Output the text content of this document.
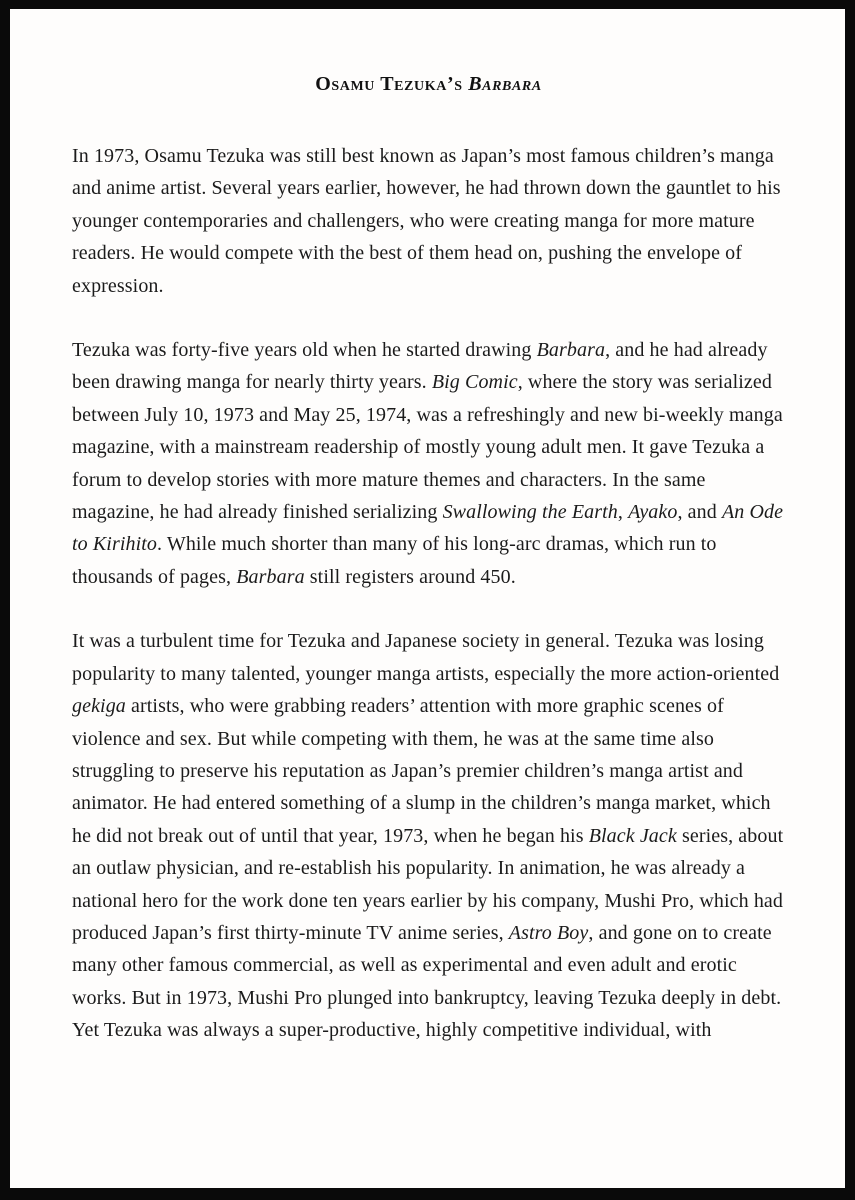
Osamu Tezuka’s Barbara

In 1973, Osamu Tezuka was still best known as Japan’s most famous children’s manga and anime artist. Several years earlier, however, he had thrown down the gauntlet to his younger contemporaries and challengers, who were creating manga for more mature readers. He would compete with the best of them head on, pushing the envelope of expression.

Tezuka was forty-five years old when he started drawing Barbara, and he had already been drawing manga for nearly thirty years. Big Comic, where the story was serialized between July 10, 1973 and May 25, 1974, was a refreshingly and new bi-weekly manga magazine, with a mainstream readership of mostly young adult men. It gave Tezuka a forum to develop stories with more mature themes and characters. In the same magazine, he had already finished serializing Swallowing the Earth, Ayako, and An Ode to Kirihito. While much shorter than many of his long-arc dramas, which run to thousands of pages, Barbara still registers around 450.

It was a turbulent time for Tezuka and Japanese society in general. Tezuka was losing popularity to many talented, younger manga artists, especially the more action-oriented gekiga artists, who were grabbing readers’ attention with more graphic scenes of violence and sex. But while competing with them, he was at the same time also struggling to preserve his reputation as Japan’s premier children’s manga artist and animator. He had entered something of a slump in the children’s manga market, which he did not break out of until that year, 1973, when he began his Black Jack series, about an outlaw physician, and re-establish his popularity. In animation, he was already a national hero for the work done ten years earlier by his company, Mushi Pro, which had produced Japan’s first thirty-minute TV anime series, Astro Boy, and gone on to create many other famous commercial, as well as experimental and even adult and erotic works. But in 1973, Mushi Pro plunged into bankruptcy, leaving Tezuka deeply in debt. Yet Tezuka was always a super-productive, highly competitive individual, with
